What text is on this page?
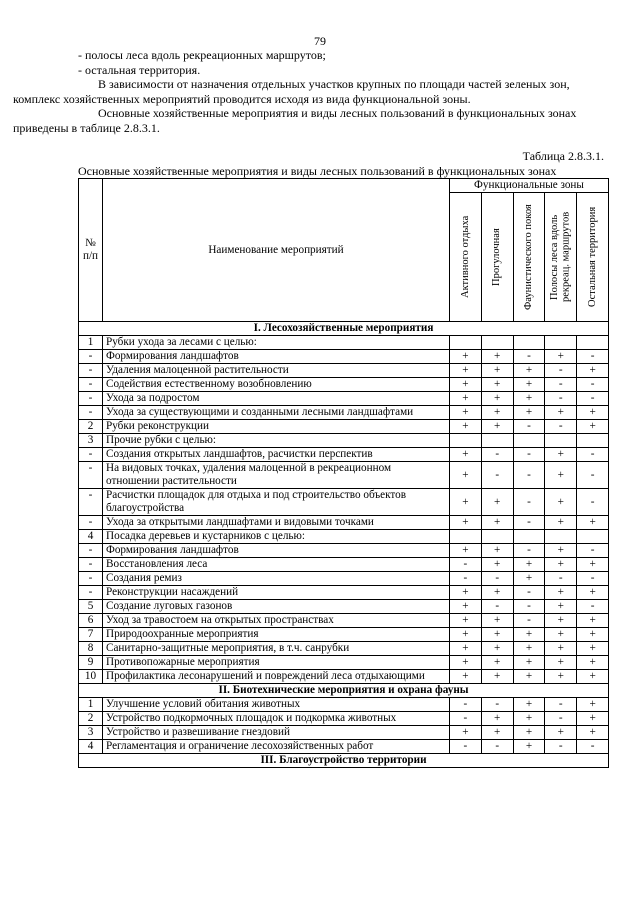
79

- полосы леса вдоль рекреационных маршрутов;

- остальная территория.

В зависимости от назначения отдельных участков крупных по площади частей зеленых зон, комплекс хозяйственных мероприятий проводится исходя из вида функциональной зоны.

Основные хозяйственные мероприятия и виды лесных пользований в функциональных зонах приведены в таблице 2.8.3.1.

Таблица 2.8.3.1.
Основные хозяйственные мероприятия и виды лесных пользований в функциональных зонах
№ п/п	Наименование мероприятий	Функциональные зоны				

		Активного отдыха	Прогулочная	Фаунистического покоя	Полосы леса вдоль рекреац. маршрутов	Остальная территория

I. Лесохозяйственные мероприятия						
1	Рубки ухода за лесами с целью:					
-	Формирования ландшафтов	+	+	-	+	-
-	Удаления малоценной растительности	+	+	+	-	+
-	Содействия естественному возобновлению	+	+	+	-	-
-	Ухода за подростом	+	+	+	-	-
-	Ухода за существующими и созданными лесными ландшафтами	+	+	+	+	+
2	Рубки реконструкции	+	+	-	-	+
3	Прочие рубки с целью:					
-	Создания открытых ландшафтов, расчистки перспектив	+	-	-	+	-
-	На видовых точках, удаления малоценной в рекреационном отношении растительности	+	-	-	+	-
-	Расчистки площадок для отдыха и под строительство объектов благоустройства	+	+	-	+	-
-	Ухода за открытыми ландшафтами и видовыми точками	+	+	-	+	+
4	Посадка деревьев и кустарников с целью:					
-	Формирования ландшафтов	+	+	-	+	-
-	Восстановления леса	-	+	+	+	+
-	Создания ремиз	-	-	+	-	-
-	Реконструкции насаждений	+	+	-	+	+
5	Создание луговых газонов	+	-	-	+	-
6	Уход за травостоем на открытых пространствах	+	+	-	+	+
7	Природоохранные мероприятия	+	+	+	+	+
8	Санитарно-защитные мероприятия, в т.ч. санрубки	+	+	+	+	+
9	Противопожарные мероприятия	+	+	+	+	+
10	Профилактика лесонарушений и повреждений леса отдыхающими	+	+	+	+	+
II. Биотехнические мероприятия и охрана фауны						
1	Улучшение условий обитания животных	-	-	+	-	+
2	Устройство подкормочных площадок и подкормка животных	-	+	+	-	+
3	Устройство и развешивание гнездовий	+	+	+	+	+
4	Регламентация и ограничение лесохозяйственных работ	-	-	+	-	-
III. Благоустройство территории						
